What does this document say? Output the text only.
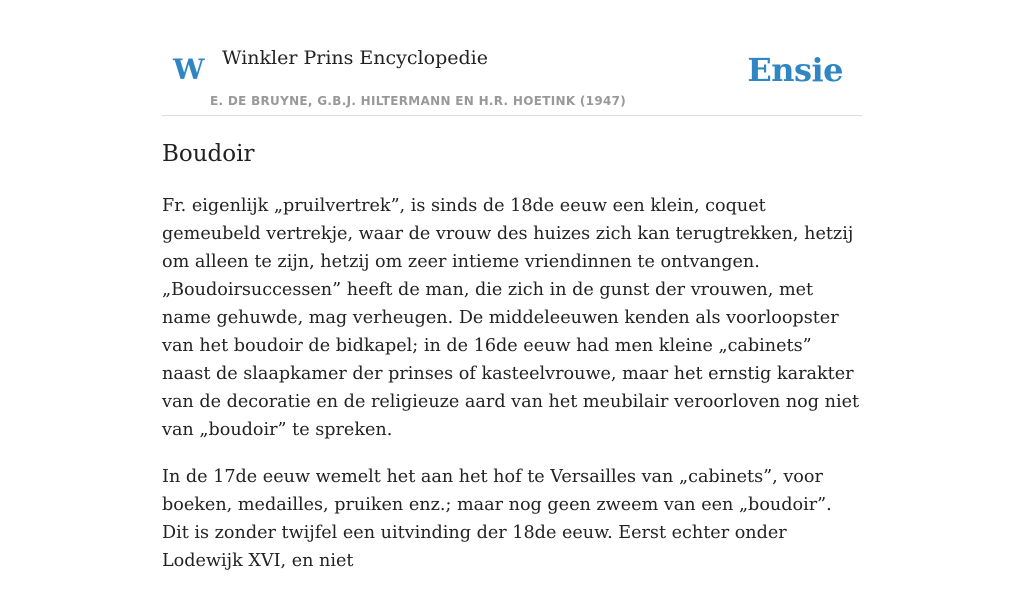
W Winkler Prins Encyclopedie
E. DE BRUYNE, G.B.J. HILTERMANN EN H.R. HOETINK (1947)
Ensie
Boudoir

Fr. eigenlijk „pruilvertrek”, is sinds de 18de eeuw een klein, coquet gemeubeld vertrekje, waar de vrouw des huizes zich kan terugtrekken, hetzij om alleen te zijn, hetzij om zeer intieme vriendinnen te ontvangen. „Boudoirsuccessen” heeft de man, die zich in de gunst der vrouwen, met name gehuwde, mag verheugen. De middeleeuwen kenden als voorloopster van het boudoir de bidkapel; in de 16de eeuw had men kleine „cabinets” naast de slaapkamer der prinses of kasteelvrouwe, maar het ernstig karakter van de decoratie en de religieuze aard van het meubilair veroorloven nog niet van „boudoir” te spreken.

In de 17de eeuw wemelt het aan het hof te Versailles van „cabinets”, voor boeken, medailles, pruiken enz.; maar nog geen zweem van een „boudoir”. Dit is zonder twijfel een uitvinding der 18de eeuw. Eerst echter onder Lodewijk XVI, en niet
